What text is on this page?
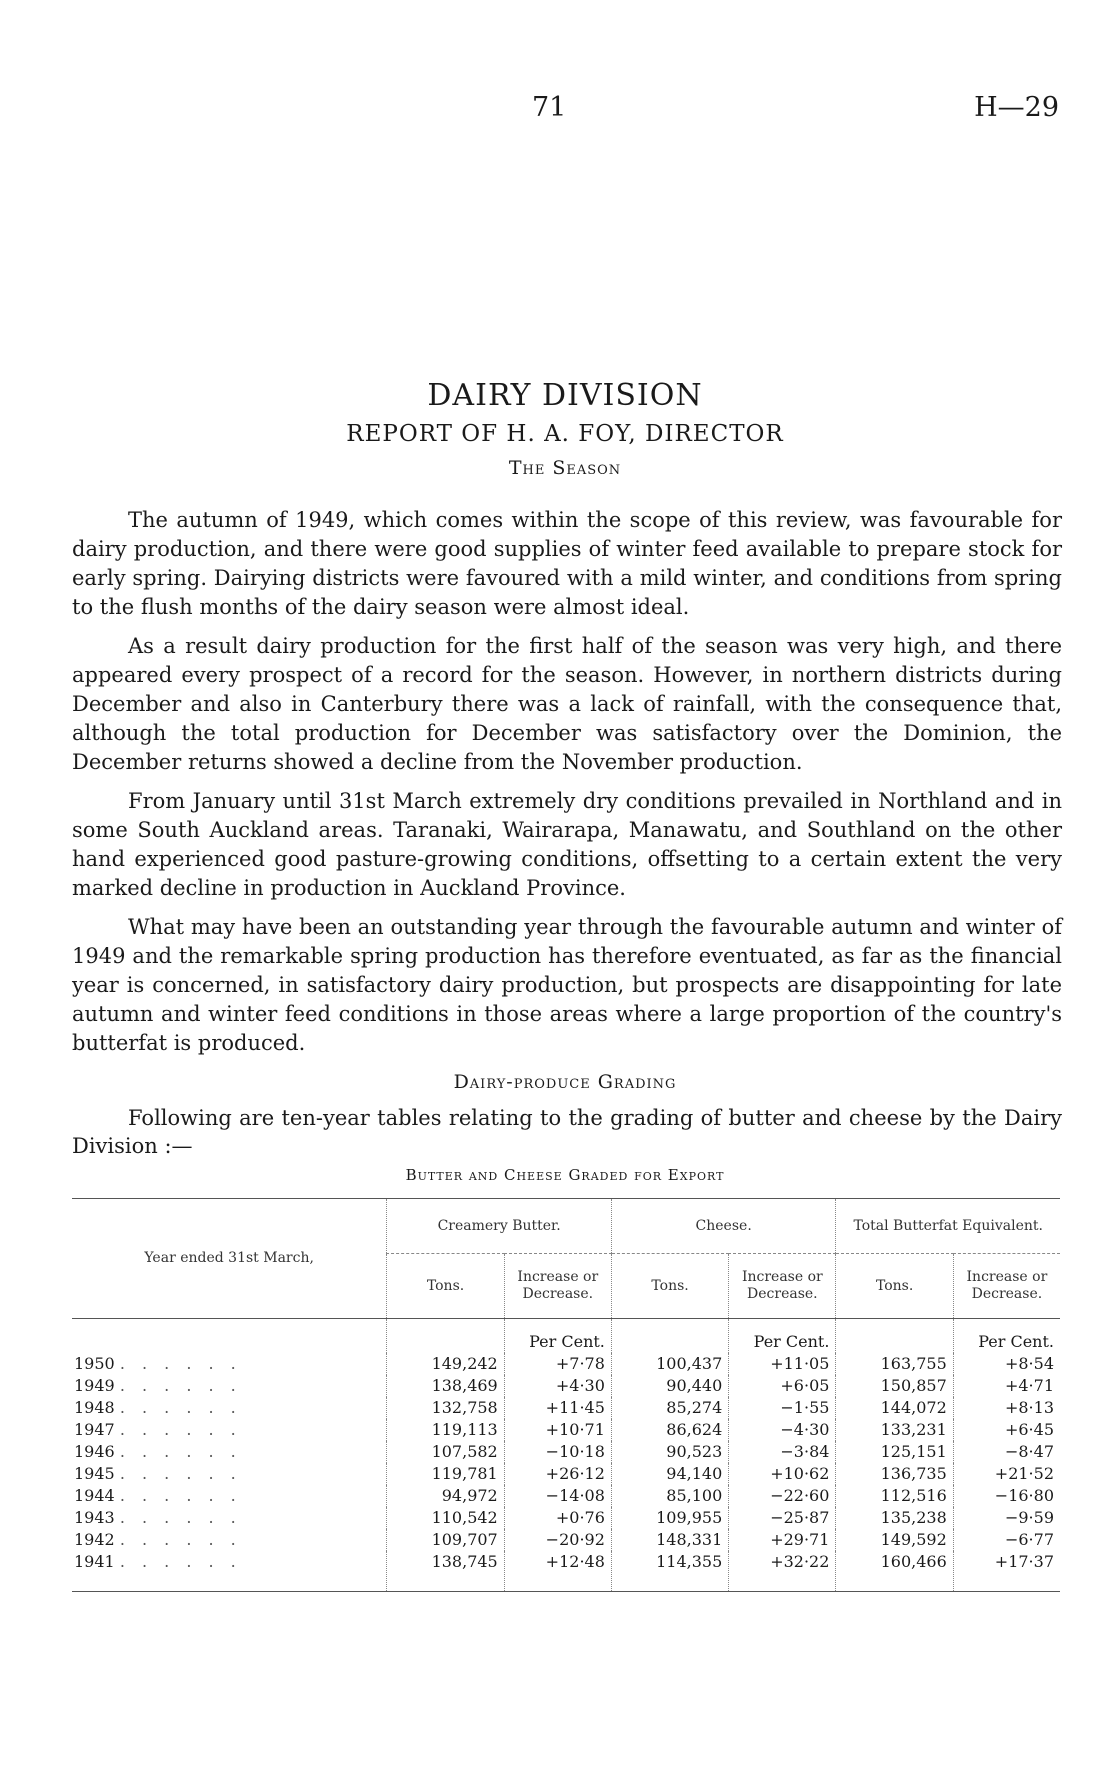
71	H—29
DAIRY DIVISION
REPORT OF H. A. FOY, DIRECTOR
The Season

The autumn of 1949, which comes within the scope of this review, was favourable for dairy production, and there were good supplies of winter feed available to prepare stock for early spring. Dairying districts were favoured with a mild winter, and conditions from spring to the flush months of the dairy season were almost ideal.

As a result dairy production for the first half of the season was very high, and there appeared every prospect of a record for the season. However, in northern districts during December and also in Canterbury there was a lack of rainfall, with the consequence that, although the total production for December was satisfactory over the Dominion, the December returns showed a decline from the November production.

From January until 31st March extremely dry conditions prevailed in Northland and in some South Auckland areas. Taranaki, Wairarapa, Manawatu, and Southland on the other hand experienced good pasture-growing conditions, offsetting to a certain extent the very marked decline in production in Auckland Province.

What may have been an outstanding year through the favourable autumn and winter of 1949 and the remarkable spring production has therefore eventuated, as far as the financial year is concerned, in satisfactory dairy production, but prospects are disappointing for late autumn and winter feed conditions in those areas where a large proportion of the country's butterfat is produced.

Dairy-produce Grading

Following are ten-year tables relating to the grading of butter and cheese by the Dairy Division :—

Butter and Cheese Graded for Export
Year ended 31st March,	Creamery Butter.		Cheese.		Total Butterfat Equivalent.	
	Tons.	Increase or Decrease.	Tons.	Increase or Decrease.	Tons.	Increase or Decrease.
		Per Cent.		Per Cent.		Per Cent.
1950 . . . . . .	149,242	+7·78	100,437	+11·05	163,755	+8·54
1949 . . . . . .	138,469	+4·30	90,440	+6·05	150,857	+4·71
1948 . . . . . .	132,758	+11·45	85,274	−1·55	144,072	+8·13
1947 . . . . . .	119,113	+10·71	86,624	−4·30	133,231	+6·45
1946 . . . . . .	107,582	−10·18	90,523	−3·84	125,151	−8·47
1945 . . . . . .	119,781	+26·12	94,140	+10·62	136,735	+21·52
1944 . . . . . .	94,972	−14·08	85,100	−22·60	112,516	−16·80
1943 . . . . . .	110,542	+0·76	109,955	−25·87	135,238	−9·59
1942 . . . . . .	109,707	−20·92	148,331	+29·71	149,592	−6·77
1941 . . . . . .	138,745	+12·48	114,355	+32·22	160,466	+17·37
